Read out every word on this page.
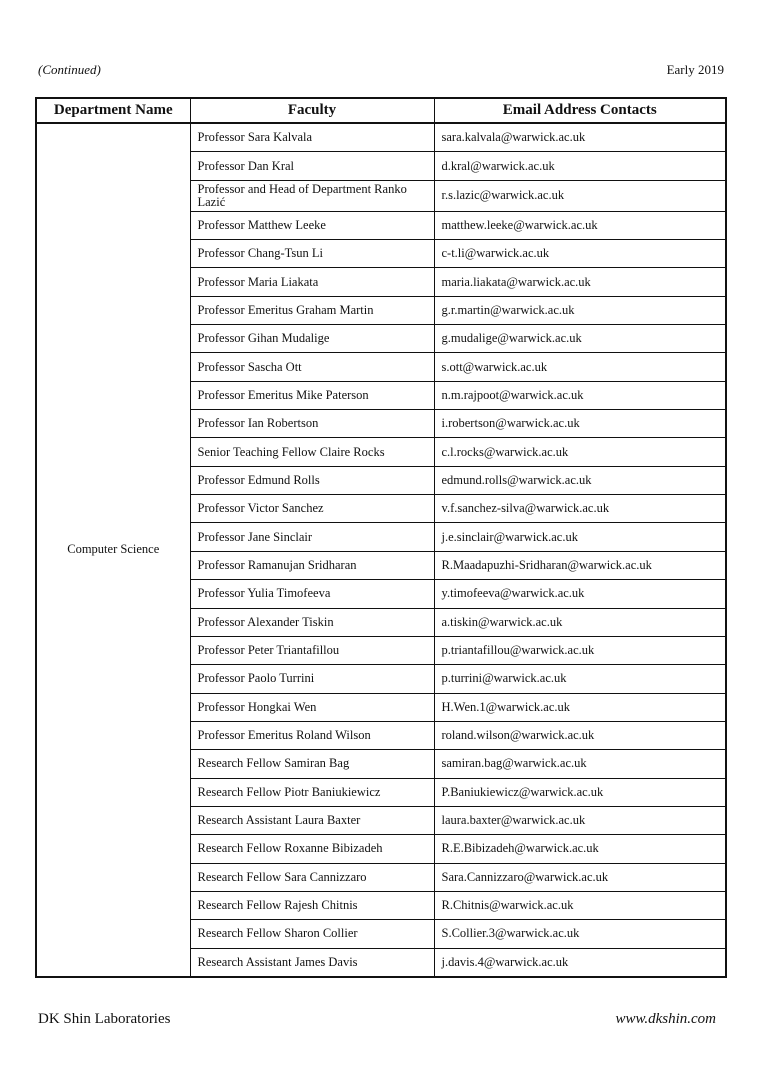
(Continued)	Early 2019
Department Name	Faculty	Email Address Contacts
Computer Science	Professor Sara Kalvala	sara.kalvala@warwick.ac.uk
	Professor Dan Kral	d.kral@warwick.ac.uk
	Professor and Head of Department Ranko Lazić	r.s.lazic@warwick.ac.uk
	Professor Matthew Leeke	matthew.leeke@warwick.ac.uk
	Professor Chang-Tsun Li	c-t.li@warwick.ac.uk
	Professor Maria Liakata	maria.liakata@warwick.ac.uk
	Professor Emeritus Graham Martin	g.r.martin@warwick.ac.uk
	Professor Gihan Mudalige	g.mudalige@warwick.ac.uk
	Professor Sascha Ott	s.ott@warwick.ac.uk
	Professor Emeritus Mike Paterson	n.m.rajpoot@warwick.ac.uk
	Professor Ian Robertson	i.robertson@warwick.ac.uk
	Senior Teaching Fellow Claire Rocks	c.l.rocks@warwick.ac.uk
	Professor Edmund Rolls	edmund.rolls@warwick.ac.uk
	Professor Victor Sanchez	v.f.sanchez-silva@warwick.ac.uk
	Professor Jane Sinclair	j.e.sinclair@warwick.ac.uk
	Professor Ramanujan Sridharan	R.Maadapuzhi-Sridharan@warwick.ac.uk
	Professor Yulia Timofeeva	y.timofeeva@warwick.ac.uk
	Professor Alexander Tiskin	a.tiskin@warwick.ac.uk
	Professor Peter Triantafillou	p.triantafillou@warwick.ac.uk
	Professor Paolo Turrini	p.turrini@warwick.ac.uk
	Professor Hongkai Wen	H.Wen.1@warwick.ac.uk
	Professor Emeritus Roland Wilson	roland.wilson@warwick.ac.uk
	Research Fellow Samiran Bag	samiran.bag@warwick.ac.uk
	Research Fellow Piotr Baniukiewicz	P.Baniukiewicz@warwick.ac.uk
	Research Assistant Laura Baxter	laura.baxter@warwick.ac.uk
	Research Fellow Roxanne Bibizadeh	R.E.Bibizadeh@warwick.ac.uk
	Research Fellow Sara Cannizzaro	Sara.Cannizzaro@warwick.ac.uk
	Research Fellow Rajesh Chitnis	R.Chitnis@warwick.ac.uk
	Research Fellow Sharon Collier	S.Collier.3@warwick.ac.uk
	Research Assistant James Davis	j.davis.4@warwick.ac.uk
DK Shin Laboratories	www.dkshin.com
